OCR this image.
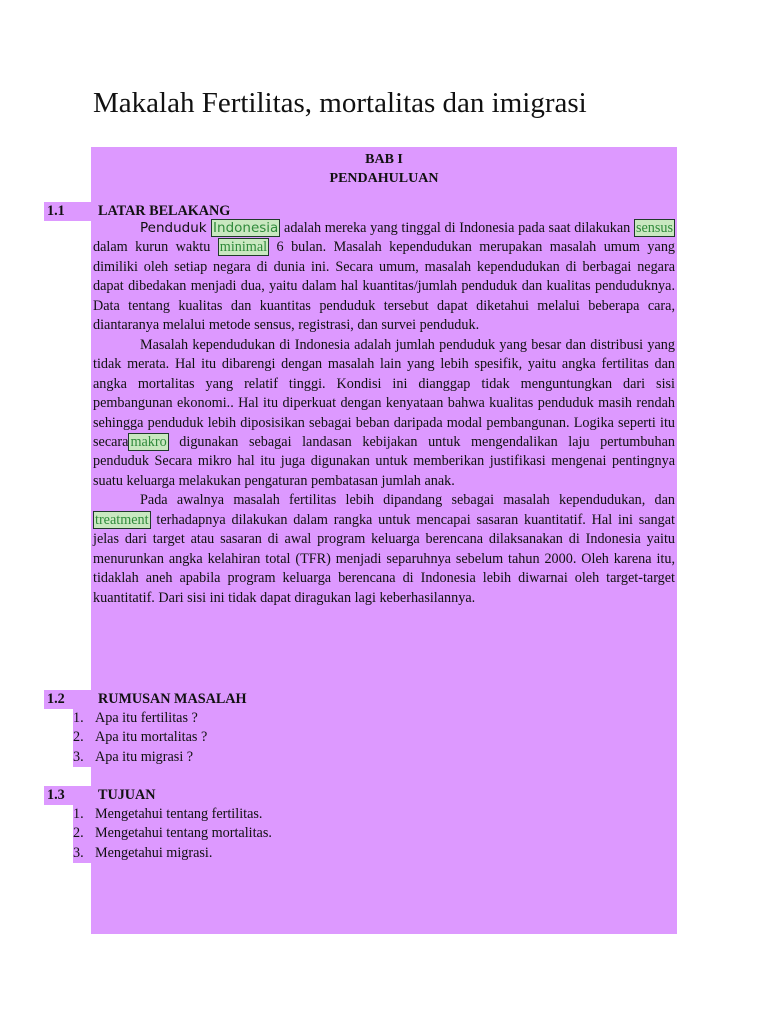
Makalah Fertilitas, mortalitas dan imigrasi
BAB I
PENDAHULUAN
1.1 LATAR BELAKANG

Penduduk Indonesia adalah mereka yang tinggal di Indonesia pada saat dilakukan sensus dalam kurun waktu minimal 6 bulan. Masalah kependudukan merupakan masalah umum yang dimiliki oleh setiap negara di dunia ini. Secara umum, masalah kependudukan di berbagai negara dapat dibedakan menjadi dua, yaitu dalam hal kuantitas/jumlah penduduk dan kualitas penduduknya. Data tentang kualitas dan kuantitas penduduk tersebut dapat diketahui melalui beberapa cara, diantaranya melalui metode sensus, registrasi, dan survei penduduk.

Masalah kependudukan di Indonesia adalah jumlah penduduk yang besar dan distribusi yang tidak merata. Hal itu dibarengi dengan masalah lain yang lebih spesifik, yaitu angka fertilitas dan angka mortalitas yang relatif tinggi. Kondisi ini dianggap tidak menguntungkan dari sisi pembangunan ekonomi.. Hal itu diperkuat dengan kenyataan bahwa kualitas penduduk masih rendah sehingga penduduk lebih diposisikan sebagai beban daripada modal pembangunan. Logika seperti itu secara makro digunakan sebagai landasan kebijakan untuk mengendalikan laju pertumbuhan penduduk Secara mikro hal itu juga digunakan untuk memberikan justifikasi mengenai pentingnya suatu keluarga melakukan pengaturan pembatasan jumlah anak.

Pada awalnya masalah fertilitas lebih dipandang sebagai masalah kependudukan, dan treatment terhadapnya dilakukan dalam rangka untuk mencapai sasaran kuantitatif. Hal ini sangat jelas dari target atau sasaran di awal program keluarga berencana dilaksanakan di Indonesia yaitu menurunkan angka kelahiran total (TFR) menjadi separuhnya sebelum tahun 2000. Oleh karena itu, tidaklah aneh apabila program keluarga berencana di Indonesia lebih diwarnai oleh target-target kuantitatif. Dari sisi ini tidak dapat diragukan lagi keberhasilannya.

1.2 RUMUSAN MASALAH
1. Apa itu fertilitas ?
2. Apa itu mortalitas ?
3. Apa itu migrasi ?
1.3 TUJUAN
1. Mengetahui tentang fertilitas.
2. Mengetahui tentang mortalitas.
3. Mengetahui migrasi.
